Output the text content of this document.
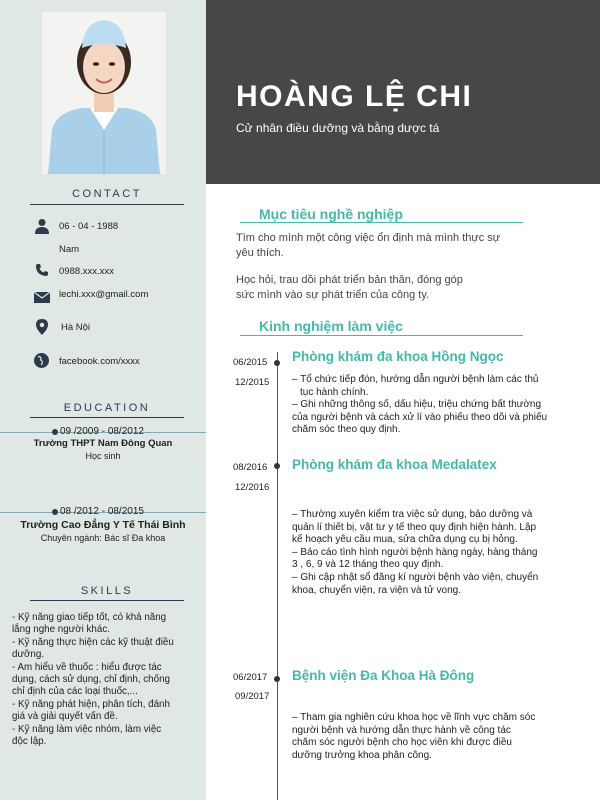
HOÀNG LỆ CHI
Cử nhân điều dưỡng và bằng dược tá
CONTACT
06 - 04 - 1988
Nam
0988.xxx.xxx
lechi.xxx@gmail.com
Hà Nội
facebook.com/xxxx
EDUCATION
09 /2009 - 08/2012
Trường THPT Nam Đông Quan
Học sinh
08 /2012 - 08/2015
Trường Cao Đẳng Y Tế Thái Bình
Chuyên ngành: Bác sĩ Đa khoa
SKILLS
- Kỹ năng giao tiếp tốt, có khả năng
lắng nghe người khác.
- Kỹ năng thực hiện các kỹ thuật điều
dưỡng.
- Am hiểu về thuốc : hiểu được tác
dụng, cách sử dụng, chỉ định, chống
chỉ định của các loại thuốc,...
- Kỹ năng phát hiện, phân tích, đánh
giá và giải quyết vấn đề.
- Kỹ năng làm việc nhóm, làm việc
độc lập.
Mục tiêu nghề nghiệp
Tìm cho mình một công việc ổn định mà mình thực sự
yêu thích.
Học hỏi, trau dồi phát triển bản thân, đóng góp
sức mình vào sự phát triển của công ty.
Kinh nghiệm làm việc
06/2015
12/2015
Phòng khám đa khoa Hồng Ngọc
– Tổ chức tiếp đón, hướng dẫn người bệnh làm các thủ
tục hành chính.
– Ghi những thông số, dấu hiệu, triệu chứng bất thường
của người bệnh và cách xử lí vào phiếu theo dõi và phiếu
chăm sóc theo quy định.
08/2016
12/2016
Phòng khám đa khoa Medalatex
– Thường xuyên kiểm tra việc sử dụng, bảo dưỡng và
quản lí thiết bị, vật tư y tế theo quy định hiện hành. Lập
kế hoạch yêu cầu mua, sửa chữa dụng cụ bị hỏng.
– Báo cáo tình hình người bệnh hàng ngày, hàng tháng
3 , 6, 9 và 12 tháng theo quy định.
– Ghi cập nhật sổ đăng kí người bệnh vào viện, chuyển
khoa, chuyển viện, ra viện và tử vong.
06/2017
09/2017
Bệnh viện Đa Khoa Hà Đông
– Tham gia nghiên cứu khoa học về lĩnh vực chăm sóc
người bệnh và hướng dẫn thực hành về công tác
chăm sóc người bệnh cho học viên khi được điều
dưỡng trưởng khoa phân công.
